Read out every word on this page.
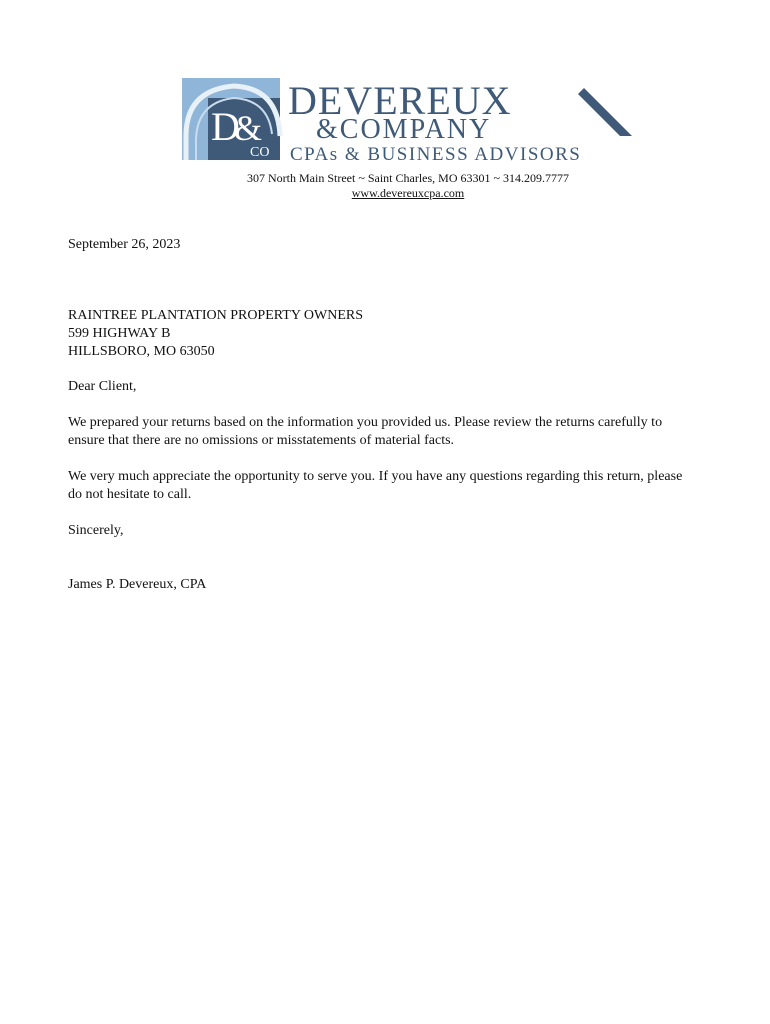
D
&
CO
DEVEREUX
&COMPANY
CPAs & BUSINESS ADVISORS
307 North Main Street ~ Saint Charles, MO 63301 ~ 314.209.7777
www.devereuxcpa.com
September 26, 2023
RAINTREE PLANTATION PROPERTY OWNERS
599 HIGHWAY B
HILLSBORO, MO 63050
Dear Client,
We prepared your returns based on the information you provided us. Please review the returns carefully to
ensure that there are no omissions or misstatements of material facts.
We very much appreciate the opportunity to serve you. If you have any questions regarding this return, please
do not hesitate to call.
Sincerely,
James P. Devereux, CPA
